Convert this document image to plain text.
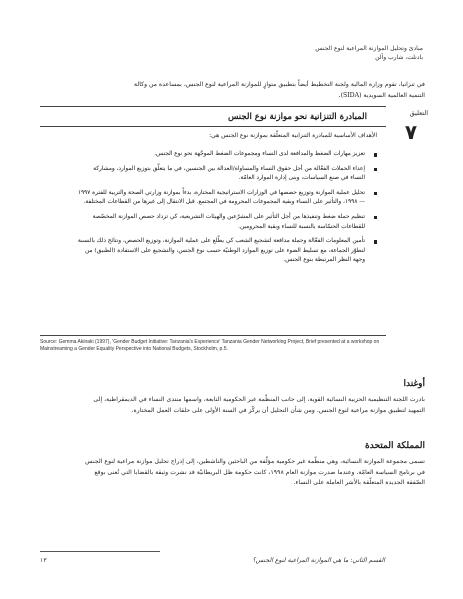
مبادئ وتحليل الموازنة المراعية لنوع الجنس
بادنلت، شارب وآلن
في تنزانيا، تقوم وزارة المالية ولجنة التخطيط أيضاً بتطبيق متوازٍ للموازنة المراعية لنوع الجنس، بمساعدة من وكالة التنمية العالمية السويدية (SIDA).
المبادرة التنزانية نحو موازنة نوع الجنس	التعليق
٧
الأهداف الأساسية للمبادرة التنزانية المتعلّقة بموازنة نوع الجنس هي:
تعزيز مهارات الضغط والمدافعة لدى النساء ومجموعات الضغط الموجّهة نحو نوع الجنس.
إعداء الحملات الفعّالة من أجل حقوق النساء والمساواة/العدالة بين الجنسين، في ما يتعلّق بتوزيع الموارد، ومشاركة النساء في صنع السياسات، وبنى إدارة الموارد العامّة.
تحليل عملية الموازنة وتوزيع حصصها في الوزارات الاستراتيجية المختارة، بدءاً بموازنة وزارتي الصحة والتربية للفترة ١٩٩٧ — ١٩٩٨، والتأثير على النساء وبقية المجموعات المحرومة في المجتمع. قبل الانتقال إلى غيرها من القطاعات المختلفة.
تنظيم حملة ضغط وتنفيذها من أجل التأثير على المشرّعين والهيئات التشريعية، كي تزداد حصص الموازنة المخصّصة للقطاعات الحسّاسة بالنسبة للنساء وبقية المحرومين.
تأمين المعلومات الفعّالة وحملة مدافعة لتشجيع الشعب كي يطّلع على عملية الموازنة، وتوزيع الحصص، ونتائج ذلك بالنسبة لتطوّر الجماعة، مع تسليط الضوء على توزيع الموارد الوطنيّة حسب نوع الجنس، والتشجيع على الاستفادة (الطبيق) من وجهة النظر المرتبطة بنوع الجنس.
Source: Gemma Akiiraki (1997), 'Gender Budget Initiative: Tanzania's Experience' Tanzania Gender Networking Project, Brief presented at a workshop on Mainstreaming a Gender Equality Perspective into National Budgets, Stockholm, p.5.
أوغندا
بادرت اللجنة التنظيمية الحزبية النسائية القوية، إلى جانب المنظّمة غير الحكومية التابعة، واسمها منتدى النساء في الديمقراطية، إلى التمهيد لتطبيق موازنة مراعية لنوع الجنس. ومن شأن التحليل أن يركّز في السنة الأولى على حلقات العمل المختارة.
المملكة المتحدة
تسمى مجموعة الموازنة النسائية، وهي منظّمة غير حكومية مؤلّفة من الباحثين والناشطين، إلى إدراج تحليل موازنة مراعية لنوع الجنس في برنامج السياسة العامّة. وعندما صدرت موازنة العام ١٩٩٨، كانت حكومة ظل البريطانيّة قد نشرت وثيقة بالقضايا التي تُعنى بوقع الصّفقة الجديدة المتعلّقة بالأسَر العاملة على النساء.
القسم الثاني: ما هي الموازنة المراعية لنوع الجنس؟
١٣
